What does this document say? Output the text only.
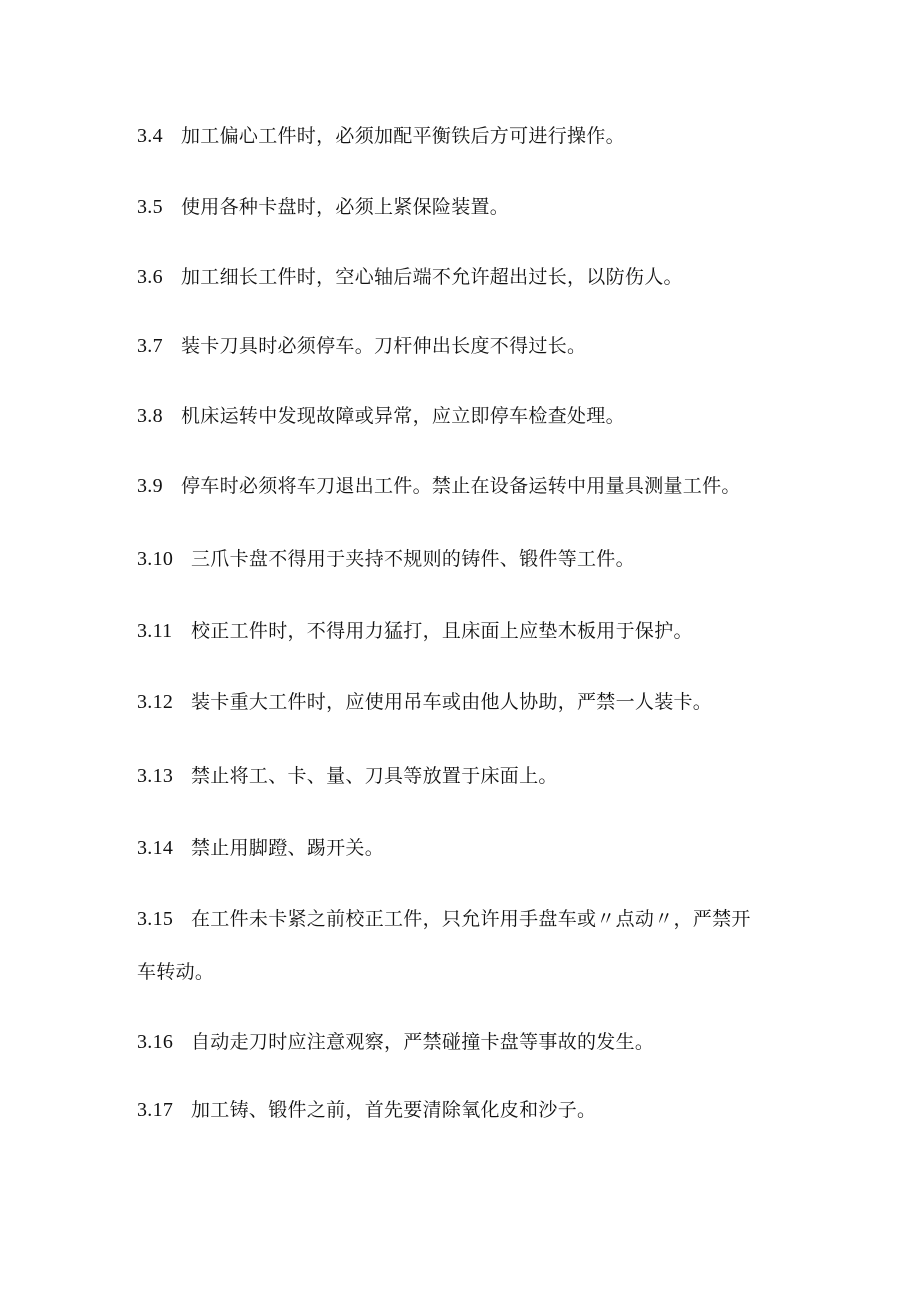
3.4 加工偏心工件时，必须加配平衡铁后方可进行操作。
3.5 使用各种卡盘时，必须上紧保险装置。
3.6 加工细长工件时，空心轴后端不允许超出过长，以防伤人。
3.7 装卡刀具时必须停车。刀杆伸出长度不得过长。
3.8 机床运转中发现故障或异常，应立即停车检查处理。
3.9 停车时必须将车刀退出工件。禁止在设备运转中用量具测量工件。
3.10 三爪卡盘不得用于夹持不规则的铸件、锻件等工件。
3.11 校正工件时，不得用力猛打，且床面上应垫木板用于保护。
3.12 装卡重大工件时，应使用吊车或由他人协助，严禁一人装卡。
3.13 禁止将工、卡、量、刀具等放置于床面上。
3.14 禁止用脚蹬、踢开关。
3.15 在工件未卡紧之前校正工件，只允许用手盘车或〃点动〃，严禁开
车转动。
3.16 自动走刀时应注意观察，严禁碰撞卡盘等事故的发生。
3.17 加工铸、锻件之前，首先要清除氧化皮和沙子。
